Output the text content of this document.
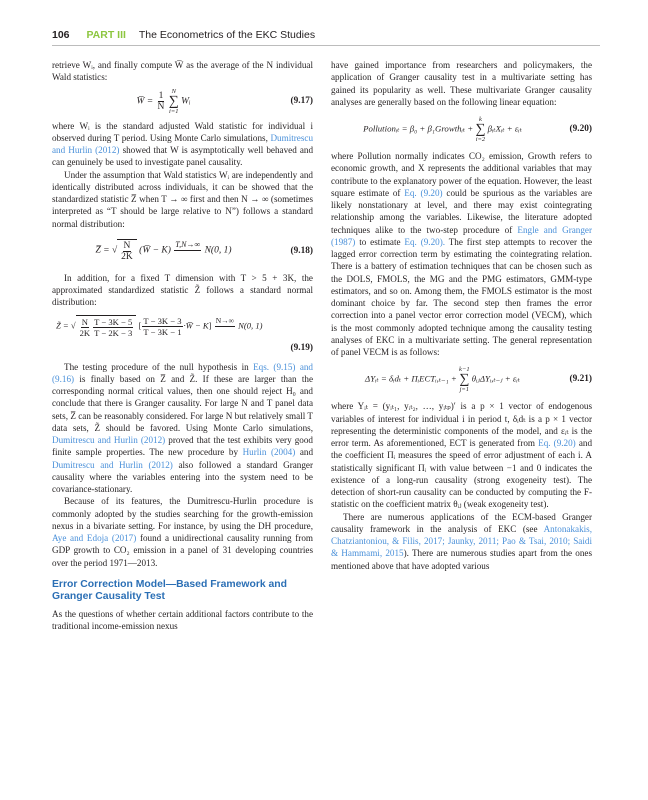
106 PART III The Econometrics of the EKC Studies

retrieve Wᵢ, and finally compute W̅ as the average of the N individual Wald statistics:

W̅ = $\frac{1}{N}$
N
∑
i=1
Wᵢ	(9.17)

where Wᵢ is the standard adjusted Wald statistic for individual i observed during T period. Using Monte Carlo simulations, Dumitrescu and Hurlin (2012) showed that W is asymptotically well behaved and can genuinely be used to investigate panel causality.

Under the assumption that Wald statistics Wᵢ are independently and identically distributed across individuals, it can be showed that the standardized statistic Z̅ when T → ∞ first and then N → ∞ (sometimes interpreted as “T should be large relative to N”) follows a standard normal distribution:

Z̅ = √ $\frac{N}{2K}$ (W̅ − K)
T,N→∞

N(0, 1)	(9.18)

In addition, for a fixed T dimension with T > 5 + 3K, the approximated standardized statistic Z̃ follows a standard normal distribution:

Z̃ = √ $\frac{N}{2K} \frac{T - 3K - 5}{T - 2K - 3}$ [ $\frac{T - 3K - 3}{T - 3K - 1}$ ·W̅ − K] N→∞
N(0, 1)
(9.19)

The testing procedure of the null hypothesis in Eqs. (9.15) and (9.16) is finally based on Z̅ and Z̃. If these are larger than the corresponding normal critical values, then one should reject H₀ and conclude that there is Granger causality. For large N and T panel data sets, Z̅ can be reasonably considered. For large N but relatively small T data sets, Z̃ should be favored. Using Monte Carlo simulations, Dumitrescu and Hurlin (2012) proved that the test exhibits very good finite sample properties. The new procedure by Hurlin (2004) and Dumitrescu and Hurlin (2012) also followed a standard Granger causality where the variables entering into the system need to be covariance-stationary.

Because of its features, the Dumitrescu-Hurlin procedure is commonly adopted by the studies searching for the growth-emission nexus in a bivariate setting. For instance, by using the DH procedure, Aye and Edoja (2017) found a unidirectional causality running from GDP growth to CO₂ emission in a panel of 31 developing countries over the period 1971—2013.

Error Correction Model—Based Framework and Granger Causality Test

As the questions of whether certain additional factors contribute to the traditional income-emission nexus

have gained importance from researchers and policymakers, the application of Granger causality test in a multivariate setting has gained its popularity as well. These multivariate Granger causality analyses are generally based on the following linear equation:

Pollutionᵢₜ = β₀ + β₁Growthᵢₜ +
k
∑
i=2
βᵢₜXᵢₜ + εᵢₜ	(9.20)

where Pollution normally indicates CO₂ emission, Growth refers to economic growth, and X represents the additional variables that may contribute to the explanatory power of the equation. However, the least square estimate of Eq. (9.20) could be spurious as the variables are likely nonstationary at level, and there may exist cointegrating relationship among the variables. Likewise, the literature adopted techniques alike to the two-step procedure of Engle and Granger (1987) to estimate Eq. (9.20). The first step attempts to recover the lagged error correction term by estimating the cointegrating relation. There is a battery of estimation techniques that can be chosen such as the DOLS, FMOLS, the MG and the PMG estimators, GMM-type estimators, and so on. Among them, the FMOLS estimator is the most dominant choice by far. The second step then frames the error correction into a panel vector error correction model (VECM), which is the most commonly adopted technique among the causality testing analyses of EKC in a multivariate setting. The general representation of panel VECM is as follows:

ΔYᵢₜ = δᵢdₜ + ΠᵢECTᵢ,ₜ₋₁ +
k−1
∑
j=1
θᵢⱼΔYᵢ,ₜ₋ⱼ + εᵢₜ	(9.21)

where Yᵢₜ = (yᵢₜ₁, yᵢₜ₂, …, yᵢₜₚ)′ is a p × 1 vector of endogenous variables of interest for individual i in period t, δᵢdₜ is a p × 1 vector representing the deterministic components of the model, and εᵢₜ is the error term. As aforementioned, ECT is generated from Eq. (9.20) and the coefficient Πᵢ measures the speed of error adjustment of each i. A statistically significant Πᵢ with value between −1 and 0 indicates the existence of a long-run causality (strong exogeneity test). The detection of short-run causality can be conducted by computing the F-statistic on the coefficient matrix θᵢⱼ (weak exogeneity test).

There are numerous applications of the ECM-based Granger causality framework in the analysis of EKC (see Antonakakis, Chatziantoniou, & Filis, 2017; Jaunky, 2011; Pao & Tsai, 2010; Saidi & Hammami, 2015). There are numerous studies apart from the ones mentioned above that have adopted various
